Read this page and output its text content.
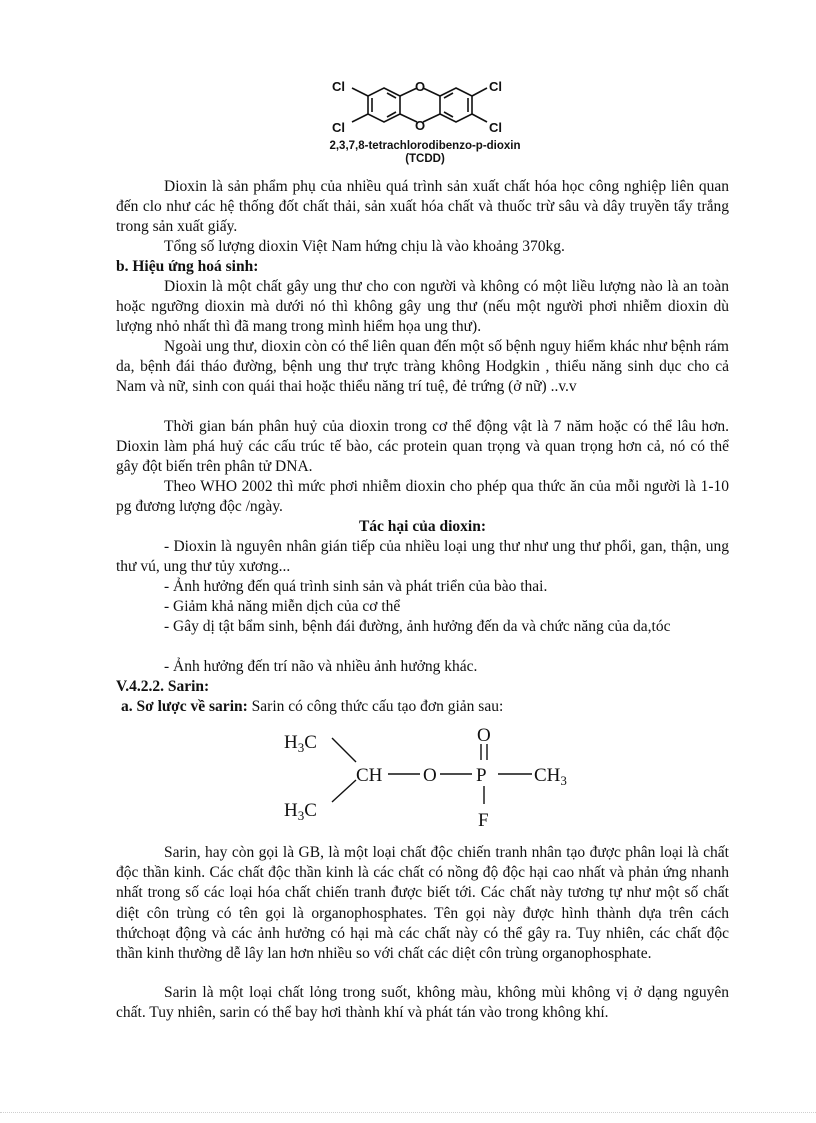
Cl
Cl
Cl
Cl
O
O
2,3,7,8-tetrachlorodibenzo-p-dioxin
(TCDD)

Dioxin là sản phẩm phụ của nhiều quá trình sản xuất chất hóa học công nghiệp liên quan đến clo như các hệ thống đốt chất thải, sản xuất hóa chất và thuốc trừ sâu và dây truyền tẩy trắng trong sản xuất giấy.

Tổng số lượng dioxin Việt Nam hứng chịu là vào khoảng 370kg.

b. Hiệu ứng hoá sinh:

Dioxin là một chất gây ung thư cho con người và không có một liều lượng nào là an toàn hoặc ngưỡng dioxin mà dưới nó thì không gây ung thư (nếu một người phơi nhiễm dioxin dù lượng nhỏ nhất thì đã mang trong mình hiểm họa ung thư).

Ngoài ung thư, dioxin còn có thể liên quan đến một số bệnh nguy hiểm khác như bệnh rám da, bệnh đái tháo đường, bệnh ung thư trực tràng không Hodgkin , thiểu năng sinh dục cho cả Nam và nữ, sinh con quái thai hoặc thiểu năng trí tuệ, đẻ trứng (ở nữ) ..v.v

Thời gian bán phân huỷ của dioxin trong cơ thể động vật là 7 năm hoặc có thể lâu hơn. Dioxin làm phá huỷ các cấu trúc tế bào, các protein quan trọng và quan trọng hơn cả, nó có thể gây đột biến trên phân tử DNA.

Theo WHO 2002 thì mức phơi nhiễm dioxin cho phép qua thức ăn của mỗi người là 1-10 pg đương lượng độc /ngày.

Tác hại của dioxin:

- Dioxin là nguyên nhân gián tiếp của nhiều loại ung thư như ung thư phổi, gan, thận, ung thư vú, ung thư tủy xương...

- Ảnh hưởng đến quá trình sinh sản và phát triển của bào thai.

- Giảm khả năng miễn dịch của cơ thể

- Gây dị tật bẩm sinh, bệnh đái đường, ảnh hưởng đến da và chức năng của da,tóc

- Ảnh hưởng đến trí não và nhiều ảnh hưởng khác.

V.4.2.2. Sarin:

a. Sơ lược về sarin: Sarin có công thức cấu tạo đơn giản sau:

$H_3C$
$H_3C$
CH O P
O
F
$CH_3$

Sarin, hay còn gọi là GB, là một loại chất độc chiến tranh nhân tạo được phân loại là chất độc thần kinh. Các chất độc thần kinh là các chất có nồng độ độc hại cao nhất và phản ứng nhanh nhất trong số các loại hóa chất chiến tranh được biết tới. Các chất này tương tự như một số chất diệt côn trùng có tên gọi là organophosphates. Tên gọi này được hình thành dựa trên cách thứchoạt động và các ảnh hưởng có hại mà các chất này có thể gây ra. Tuy nhiên, các chất độc thần kinh thường dễ lây lan hơn nhiều so với chất các diệt côn trùng organophosphate.

Sarin là một loại chất lỏng trong suốt, không màu, không mùi không vị ở dạng nguyên chất. Tuy nhiên, sarin có thể bay hơi thành khí và phát tán vào trong không khí.
